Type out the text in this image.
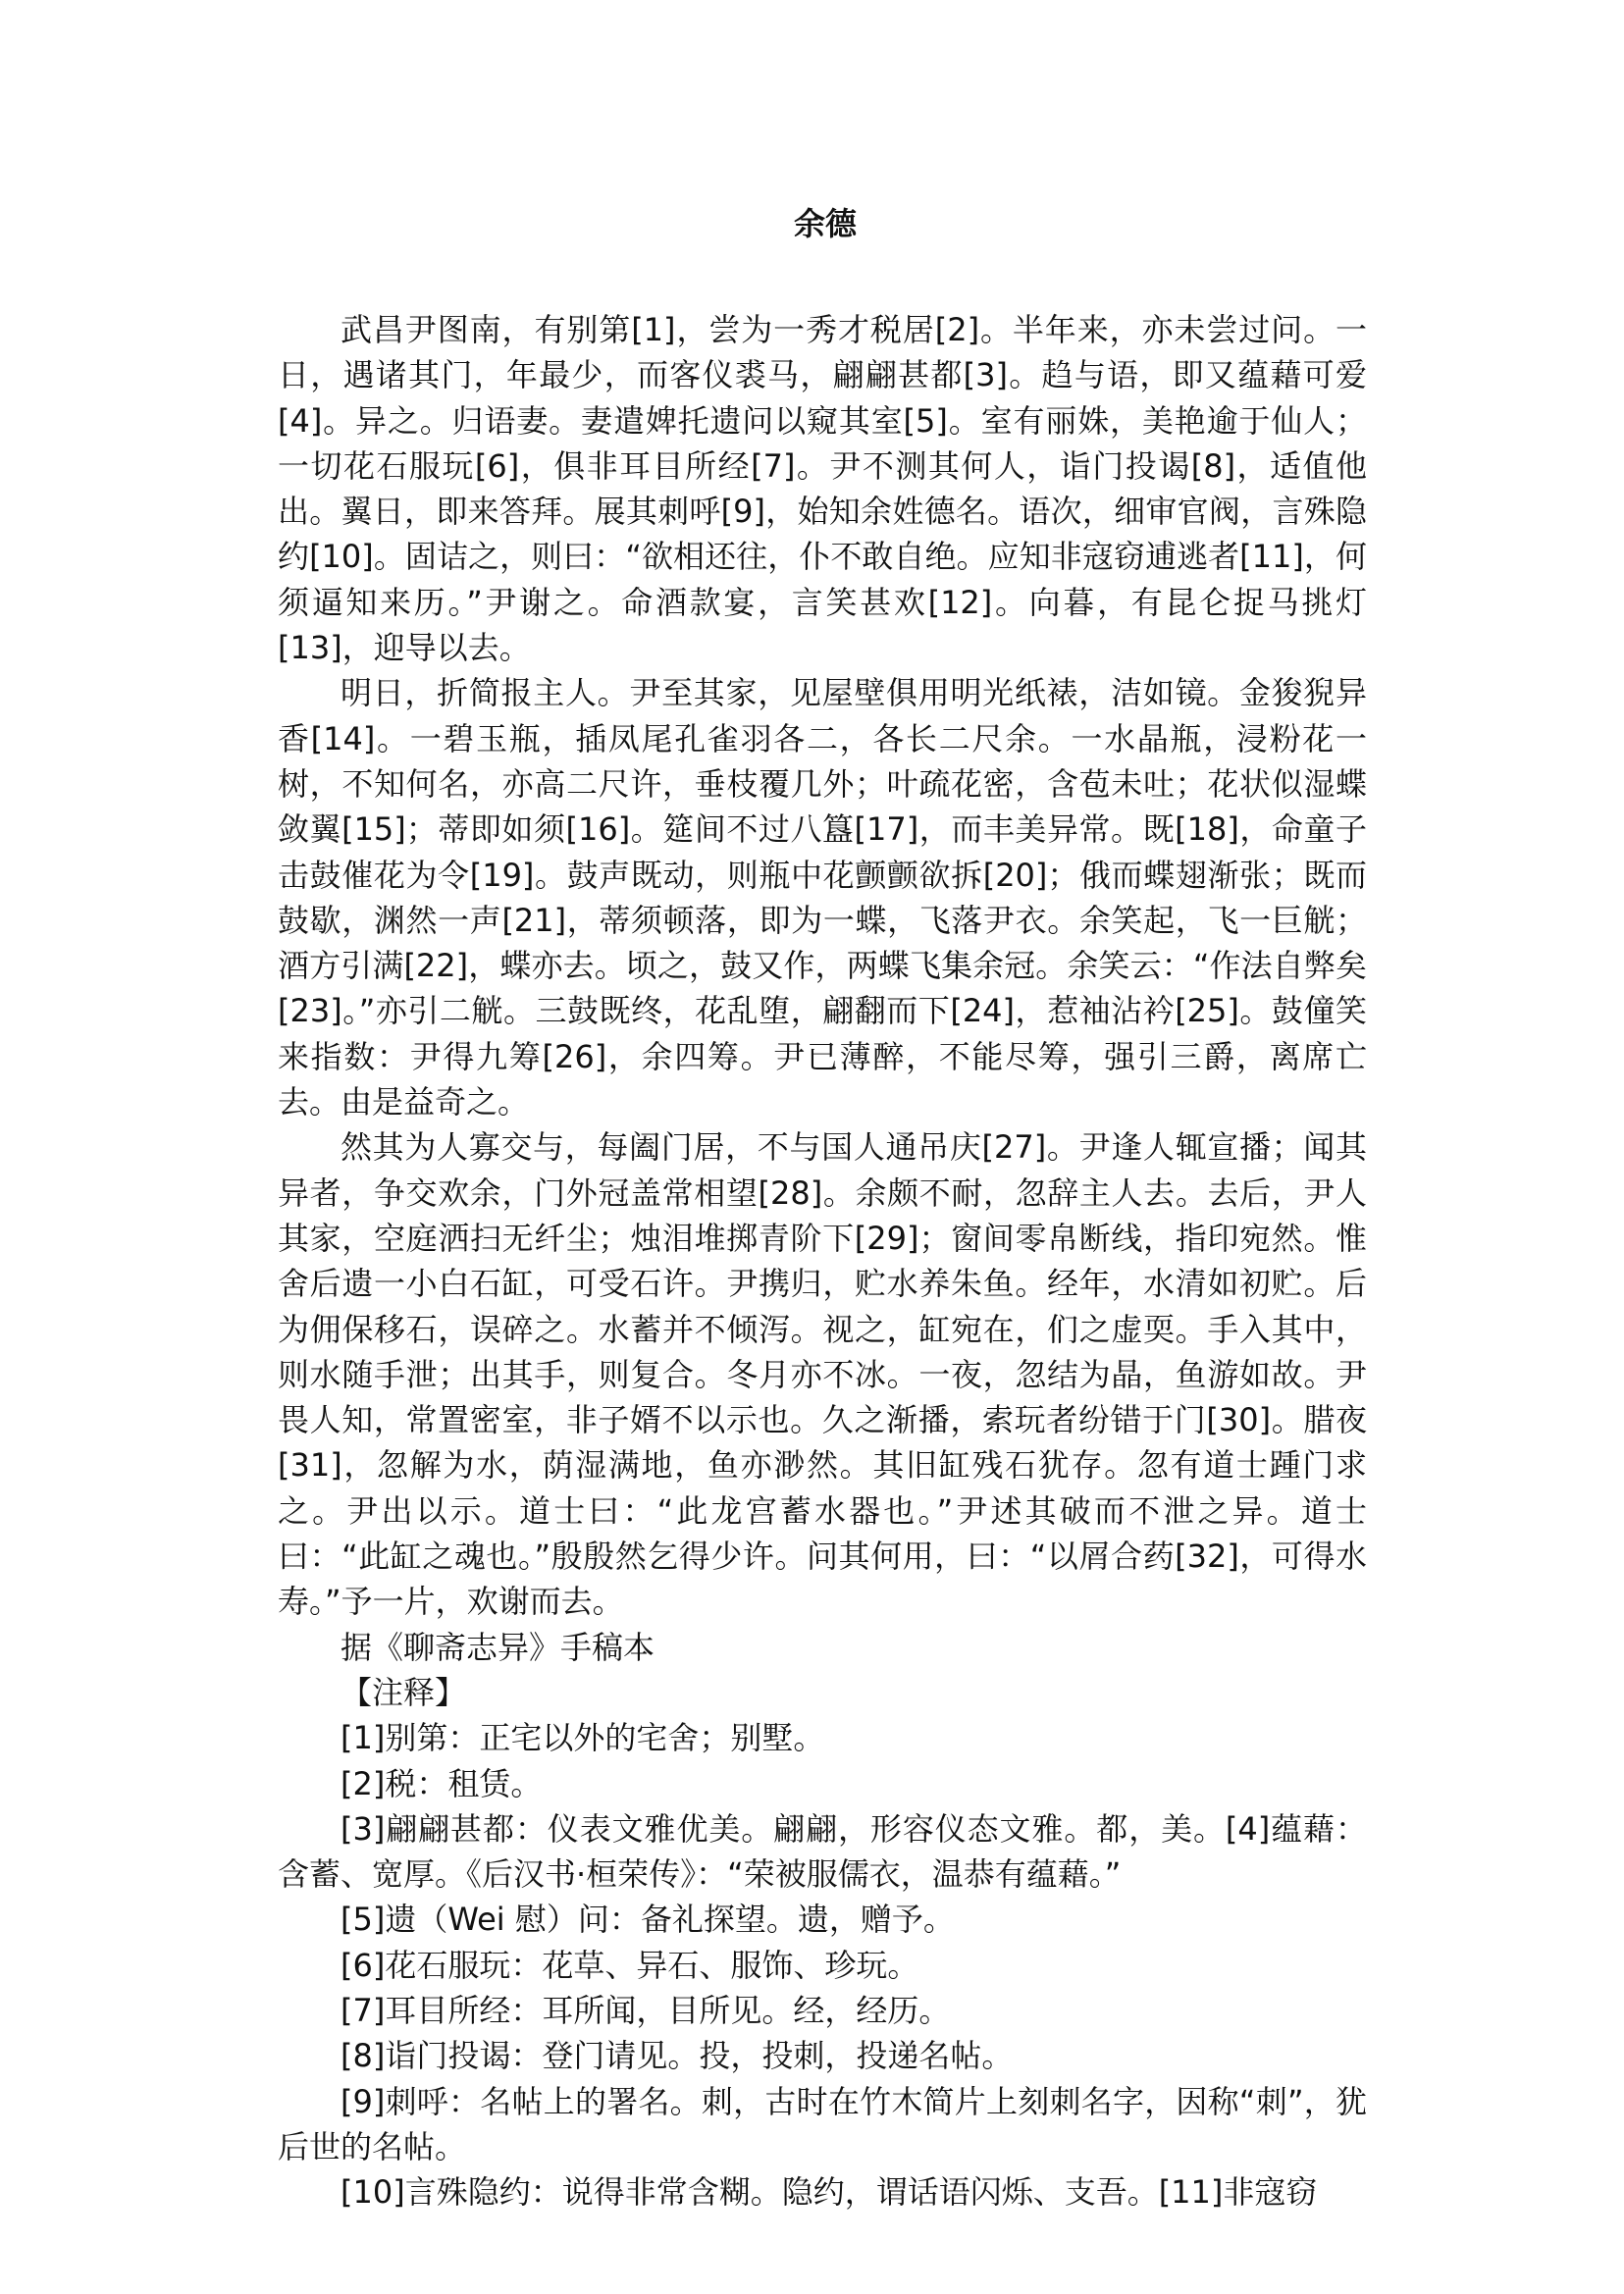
余德

武昌尹图南，有别第[1]，尝为一秀才税居[2]。半年来，亦未尝过问。一日，遇诸其门，年最少，而客仪裘马，翩翩甚都[3]。趋与语，即又蕴藉可爱[4]。异之。归语妻。妻遣婢托遗问以窥其室[5]。室有丽姝，美艳逾于仙人；一切花石服玩[6]，俱非耳目所经[7]。尹不测其何人，诣门投谒[8]，适值他出。翼日，即来答拜。展其刺呼[9]，始知余姓德名。语次，细审官阀，言殊隐约[10]。固诘之，则曰：“欲相还往，仆不敢自绝。应知非寇窃逋逃者[11]，何须逼知来历。”尹谢之。命酒款宴，言笑甚欢[12]。向暮，有昆仑捉马挑灯[13]，迎导以去。

明日，折简报主人。尹至其家，见屋壁俱用明光纸裱，洁如镜。金狻猊异香[14]。一碧玉瓶，插凤尾孔雀羽各二，各长二尺余。一水晶瓶，浸粉花一树，不知何名，亦高二尺许，垂枝覆几外；叶疏花密，含苞未吐；花状似湿蝶敛翼[15]；蒂即如须[16]。筵间不过八簋[17]，而丰美异常。既[18]，命童子击鼓催花为令[19]。鼓声既动，则瓶中花颤颤欲拆[20]；俄而蝶翅渐张；既而鼓歇，渊然一声[21]，蒂须顿落，即为一蝶，飞落尹衣。余笑起，飞一巨觥；酒方引满[22]，蝶亦去。顷之，鼓又作，两蝶飞集余冠。余笑云：“作法自弊矣[23]。”亦引二觥。三鼓既终，花乱堕，翩翻而下[24]，惹袖沾衿[25]。鼓僮笑来指数：尹得九筹[26]，余四筹。尹已薄醉，不能尽筹，强引三爵，离席亡去。由是益奇之。

然其为人寡交与，每阖门居，不与国人通吊庆[27]。尹逢人辄宣播；闻其异者，争交欢余，门外冠盖常相望[28]。余颇不耐，忽辞主人去。去后，尹人其家，空庭洒扫无纤尘；烛泪堆掷青阶下[29]；窗间零帛断线，指印宛然。惟舍后遗一小白石缸，可受石许。尹携归，贮水养朱鱼。经年，水清如初贮。后为佣保移石，误碎之。水蓄并不倾泻。视之，缸宛在，们之虚耎。手入其中，则水随手泄；出其手，则复合。冬月亦不冰。一夜，忽结为晶，鱼游如故。尹畏人知，常置密室，非子婿不以示也。久之渐播，索玩者纷错于门[30]。腊夜[31]，忽解为水，荫湿满地，鱼亦渺然。其旧缸残石犹存。忽有道士踵门求之。尹出以示。道士曰：“此龙宫蓄水器也。”尹述其破而不泄之异。道士曰：“此缸之魂也。”殷殷然乞得少许。问其何用，曰：“以屑合药[32]，可得水寿。”予一片，欢谢而去。

据《聊斋志异》手稿本

【注释】

[1]别第：正宅以外的宅舍；别墅。

[2]税：租赁。

[3]翩翩甚都：仪表文雅优美。翩翩，形容仪态文雅。都，美。[4]蕴藉：含蓄、宽厚。《后汉书·桓荣传》：“荣被服儒衣，温恭有蕴藉。”

[5]遗（Wei 慰）问：备礼探望。遗，赠予。

[6]花石服玩：花草、异石、服饰、珍玩。

[7]耳目所经：耳所闻，目所见。经，经历。

[8]诣门投谒：登门请见。投，投刺，投递名帖。

[9]刺呼：名帖上的署名。刺，古时在竹木简片上刻刺名字，因称“刺”，犹后世的名帖。

[10]言殊隐约：说得非常含糊。隐约，谓话语闪烁、支吾。[11]非寇窃
